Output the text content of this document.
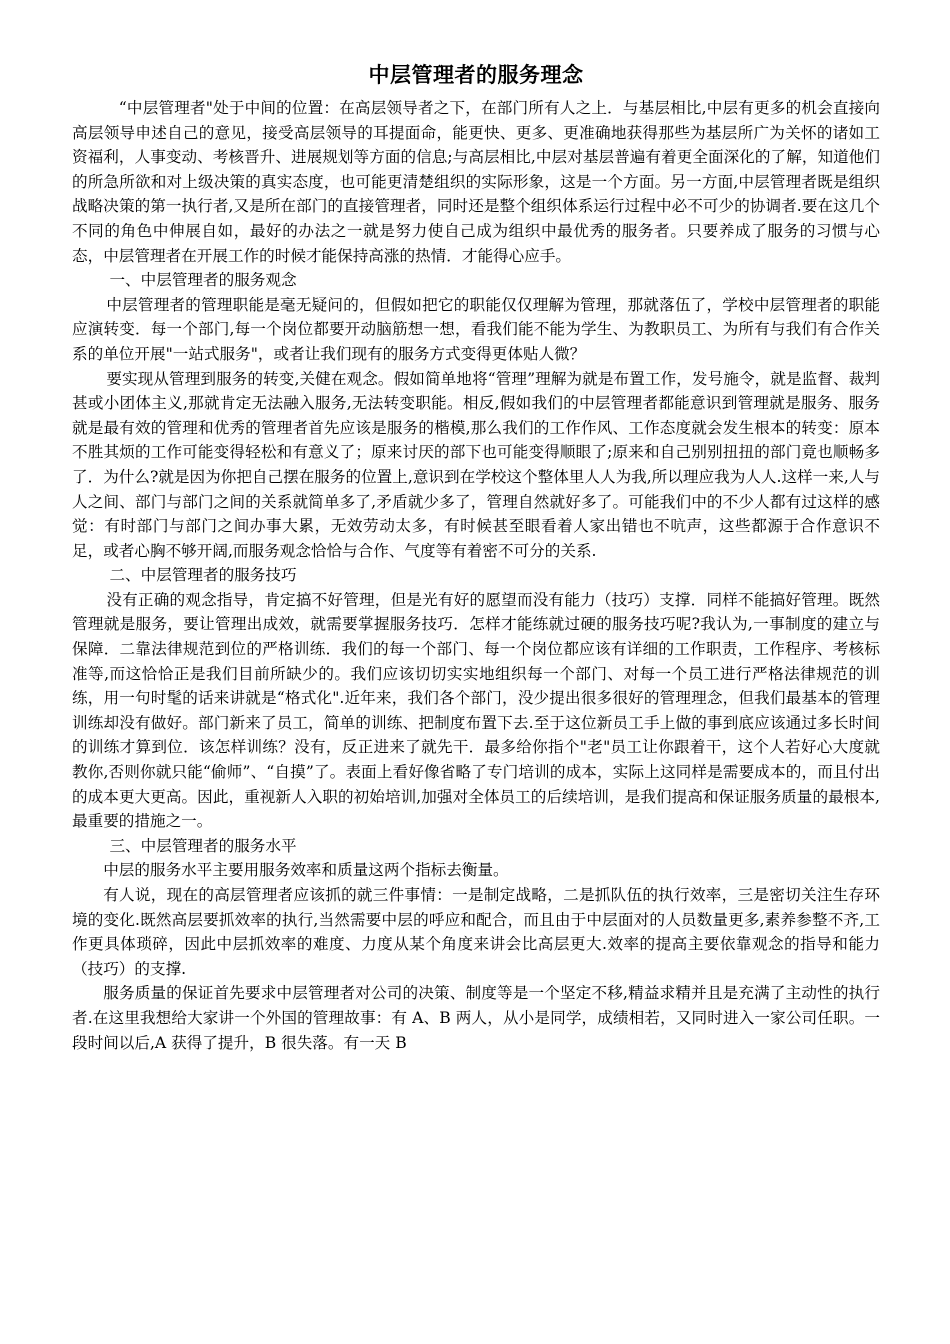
中层管理者的服务理念

“中层管理者"处于中间的位置：在高层领导者之下，在部门所有人之上．与基层相比,中层有更多的机会直接向高层领导申述自己的意见，接受高层领导的耳提面命，能更快、更多、更准确地获得那些为基层所广为关怀的诸如工资福利，人事变动、考核晋升、进展规划等方面的信息;与高层相比,中层对基层普遍有着更全面深化的了解，知道他们的所急所欲和对上级决策的真实态度，也可能更清楚组织的实际形象，这是一个方面。另一方面,中层管理者既是组织战略决策的第一执行者,又是所在部门的直接管理者，同时还是整个组织体系运行过程中必不可少的协调者.要在这几个不同的角色中伸展自如，最好的办法之一就是努力使自己成为组织中最优秀的服务者。只要养成了服务的习惯与心态，中层管理者在开展工作的时候才能保持高涨的热情．才能得心应手。

一、中层管理者的服务观念

中层管理者的管理职能是毫无疑问的，但假如把它的职能仅仅理解为管理，那就落伍了，学校中层管理者的职能应演转变．每一个部门,每一个岗位都要开动脑筋想一想，看我们能不能为学生、为教职员工、为所有与我们有合作关系的单位开展"一站式服务"，或者让我们现有的服务方式变得更体贴人微？

要实现从管理到服务的转变,关健在观念。假如简单地将“管理”理解为就是布置工作，发号施令，就是监督、裁判甚或小团体主义,那就肯定无法融入服务,无法转变职能。相反,假如我们的中层管理者都能意识到管理就是服务、服务就是最有效的管理和优秀的管理者首先应该是服务的楷模,那么我们的工作作风、工作态度就会发生根本的转变：原本不胜其烦的工作可能变得轻松和有意义了；原来讨厌的部下也可能变得顺眼了;原来和自己别别扭扭的部门竟也顺畅多了．为什么?就是因为你把自己摆在服务的位置上,意识到在学校这个整体里人人为我,所以理应我为人人.这样一来,人与人之间、部门与部门之间的关系就简单多了,矛盾就少多了，管理自然就好多了。可能我们中的不少人都有过这样的感觉：有时部门与部门之间办事大累，无效劳动太多，有时候甚至眼看着人家出错也不吭声，这些都源于合作意识不足，或者心胸不够开阔,而服务观念恰恰与合作、气度等有着密不可分的关系.

二、中层管理者的服务技巧

没有正确的观念指导，肯定搞不好管理，但是光有好的愿望而没有能力（技巧）支撑．同样不能搞好管理。既然管理就是服务，要让管理出成效，就需要掌握服务技巧．怎样才能练就过硬的服务技巧呢?我认为,一事制度的建立与保障．二靠法律规范到位的严格训练．我们的每一个部门、每一个岗位都应该有详细的工作职责，工作程序、考核标准等,而这恰恰正是我们目前所缺少的。我们应该切切实实地组织每一个部门、对每一个员工进行严格法律规范的训练，用一句时髦的话来讲就是“格式化".近年来，我们各个部门，没少提出很多很好的管理理念，但我们最基本的管理训练却没有做好。部门新来了员工，简单的训练、把制度布置下去.至于这位新员工手上做的事到底应该通过多长时间的训练才算到位．该怎样训练？没有，反正进来了就先干．最多给你指个"老"员工让你跟着干，这个人若好心大度就教你,否则你就只能“偷师”、“自摸”了。表面上看好像省略了专门培训的成本，实际上这同样是需要成本的，而且付出的成本更大更高。因此，重视新人入职的初始培训,加强对全体员工的后续培训，是我们提高和保证服务质量的最根本,最重要的措施之一。

三、中层管理者的服务水平

中层的服务水平主要用服务效率和质量这两个指标去衡量。

有人说，现在的高层管理者应该抓的就三件事情：一是制定战略，二是抓队伍的执行效率，三是密切关注生存环境的变化.既然高层要抓效率的执行,当然需要中层的呼应和配合，而且由于中层面对的人员数量更多,素养参整不齐,工作更具体琐碎，因此中层抓效率的难度、力度从某个角度来讲会比高层更大.效率的提高主要依靠观念的指导和能力（技巧）的支撑.

服务质量的保证首先要求中层管理者对公司的决策、制度等是一个坚定不移,精益求精并且是充满了主动性的执行者.在这里我想给大家讲一个外国的管理故事：有 A、B 两人，从小是同学，成绩相若，又同时进入一家公司任职。一段时间以后,A 获得了提升，B 很失落。有一天 B
